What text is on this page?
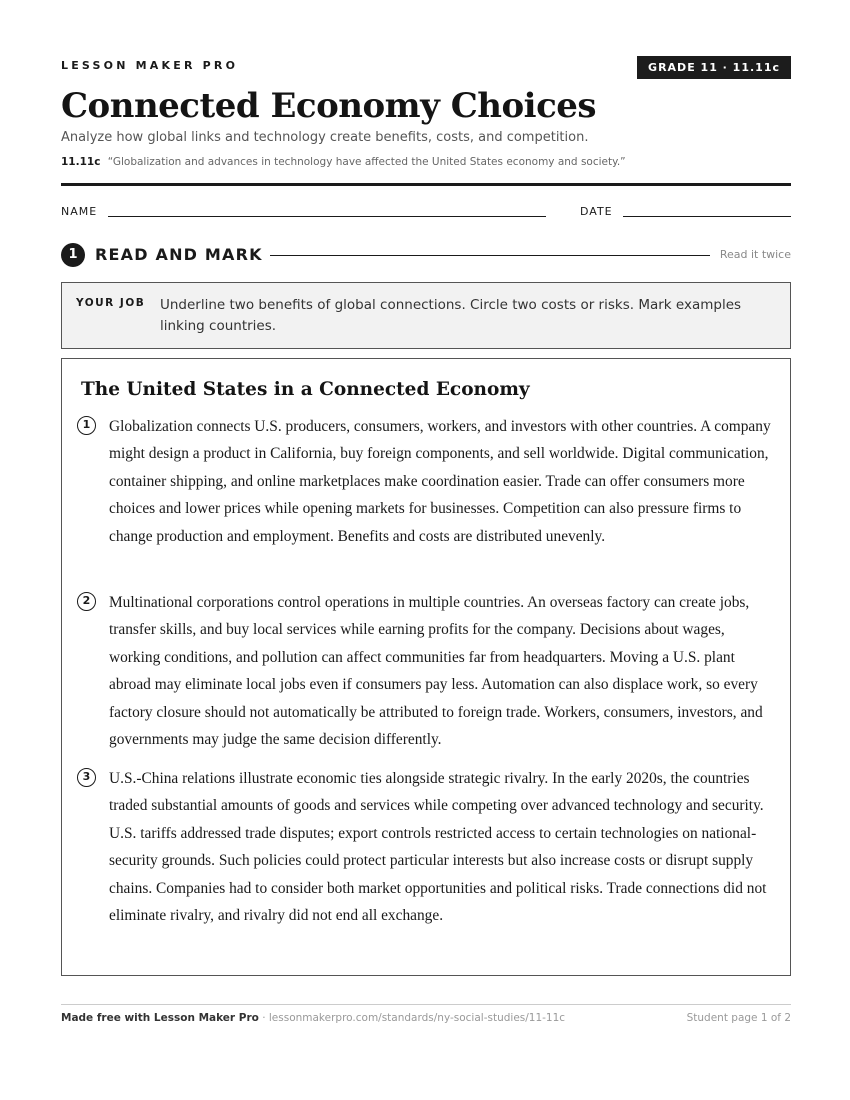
LESSON MAKER PRO	GRADE 11 · 11.11c
Connected Economy Choices
Analyze how global links and technology create benefits, costs, and competition.
11.11c “Globalization and advances in technology have affected the United States economy and society.”
NAME	DATE
1	READ AND MARK	Read it twice
YOUR JOB Underline two benefits of global connections. Circle two costs or risks. Mark examples linking countries.
The United States in a Connected Economy
1	Globalization connects U.S. producers, consumers, workers, and investors with other countries. A company might design a product in California, buy foreign components, and sell worldwide. Digital communication, container shipping, and online marketplaces make coordination easier. Trade can offer consumers more choices and lower prices while opening markets for businesses. Competition can also pressure firms to change production and employment. Benefits and costs are distributed unevenly.

2	Multinational corporations control operations in multiple countries. An overseas factory can create jobs, transfer skills, and buy local services while earning profits for the company. Decisions about wages, working conditions, and pollution can affect communities far from headquarters. Moving a U.S. plant abroad may eliminate local jobs even if consumers pay less. Automation can also displace work, so every factory closure should not automatically be attributed to foreign trade. Workers, consumers, investors, and governments may judge the same decision differently.

3	U.S.-China relations illustrate economic ties alongside strategic rivalry. In the early 2020s, the countries traded substantial amounts of goods and services while competing over advanced technology and security. U.S. tariffs addressed trade disputes; export controls restricted access to certain technologies on national-security grounds. Such policies could protect particular interests but also increase costs or disrupt supply chains. Companies had to consider both market opportunities and political risks. Trade connections did not eliminate rivalry, and rivalry did not end all exchange.

Made free with Lesson Maker Pro · lessonmakerpro.com/standards/ny-social-studies/11-11c	Student page 1 of 2
